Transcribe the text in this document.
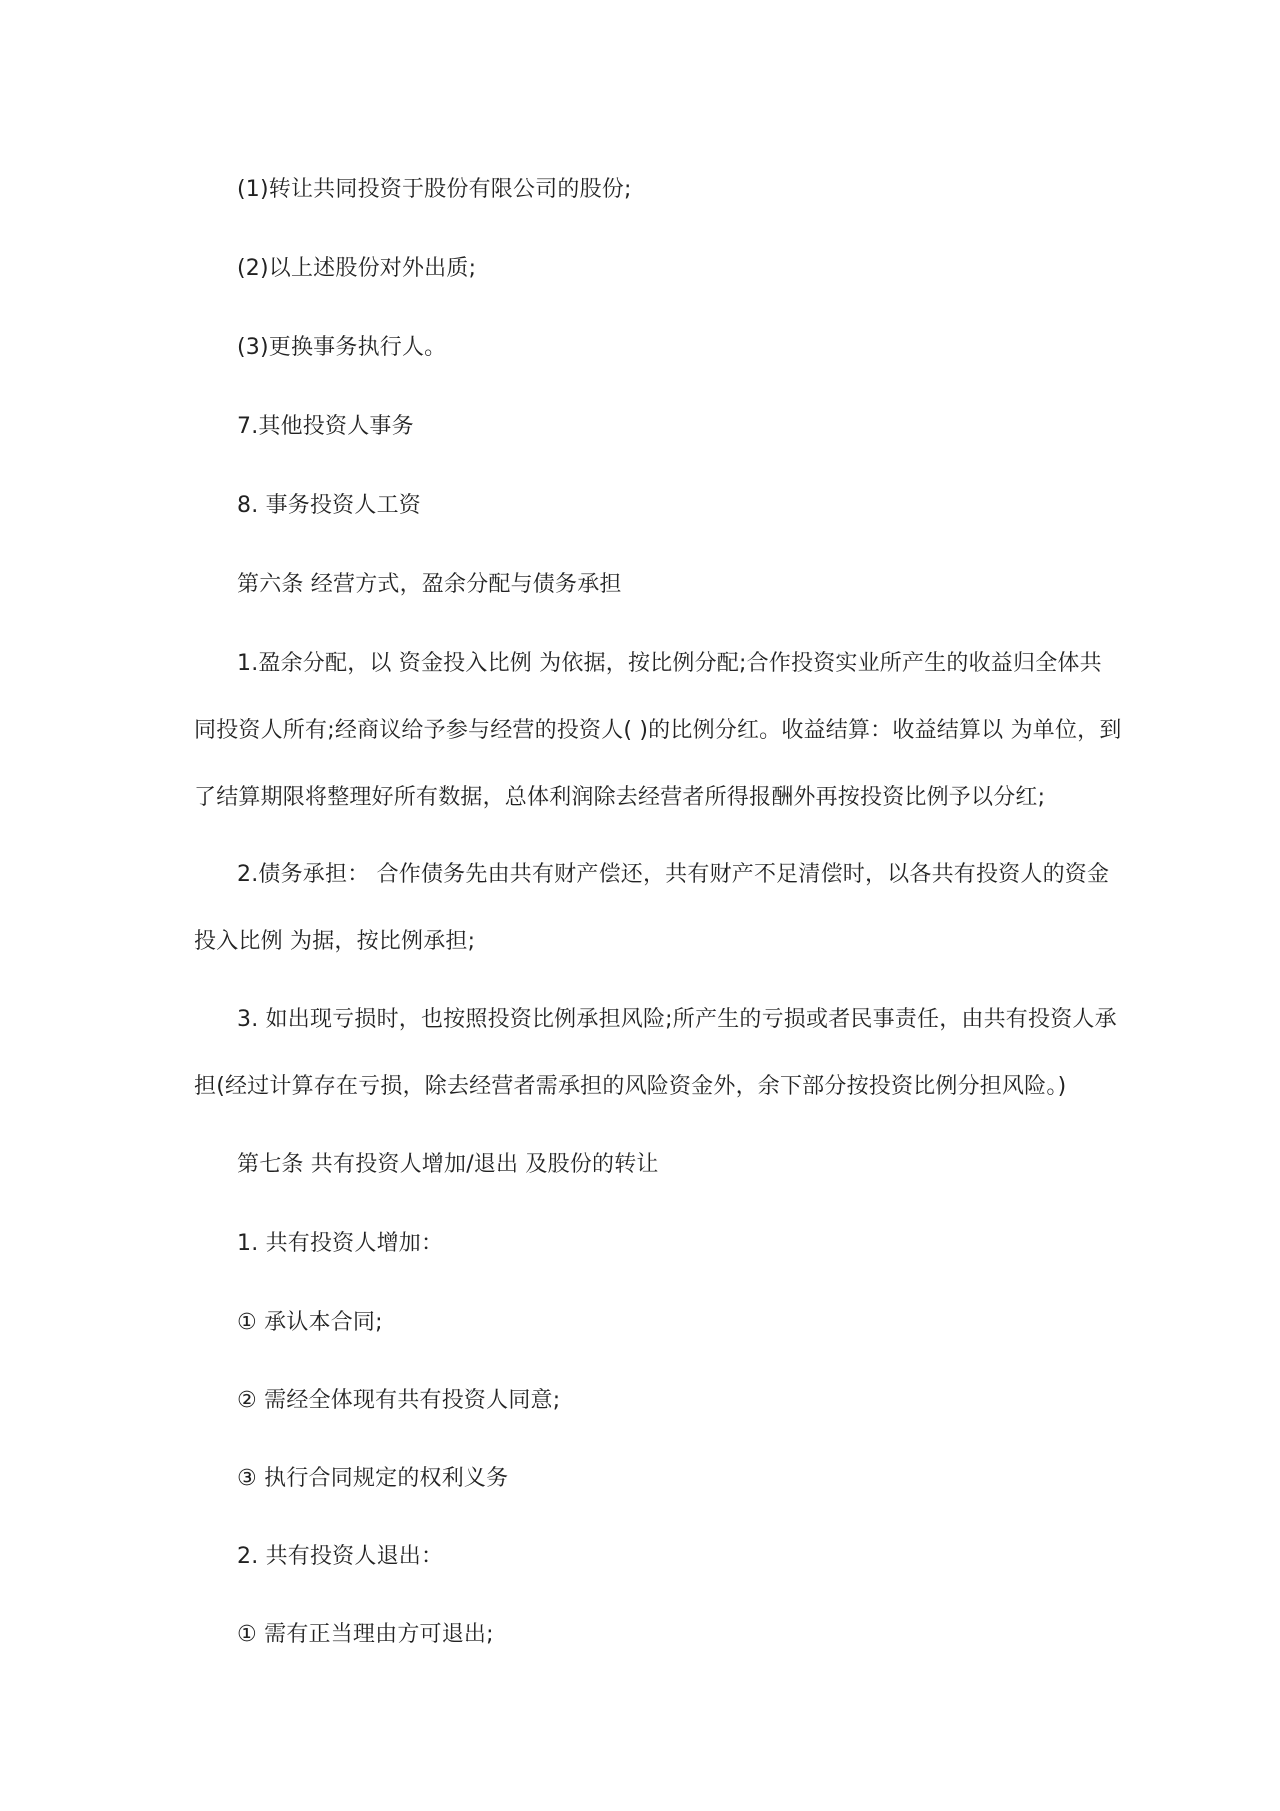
(1)转让共同投资于股份有限公司的股份;
(2)以上述股份对外出质;
(3)更换事务执行人。
7.其他投资人事务
8. 事务投资人工资
第六条 经营方式，盈余分配与债务承担
1.盈余分配，以 资金投入比例 为依据，按比例分配;合作投资实业所产生的收益归全体共
同投资人所有;经商议给予参与经营的投资人( )的比例分红。收益结算：收益结算以 为单位，到
了结算期限将整理好所有数据，总体利润除去经营者所得报酬外再按投资比例予以分红;
2.债务承担： 合作债务先由共有财产偿还，共有财产不足清偿时，以各共有投资人的资金
投入比例 为据，按比例承担;
3. 如出现亏损时，也按照投资比例承担风险;所产生的亏损或者民事责任，由共有投资人承
担(经过计算存在亏损，除去经营者需承担的风险资金外，余下部分按投资比例分担风险。)
第七条 共有投资人增加/退出 及股份的转让
1. 共有投资人增加：
① 承认本合同;
② 需经全体现有共有投资人同意;
③ 执行合同规定的权利义务
2. 共有投资人退出：
① 需有正当理由方可退出;
